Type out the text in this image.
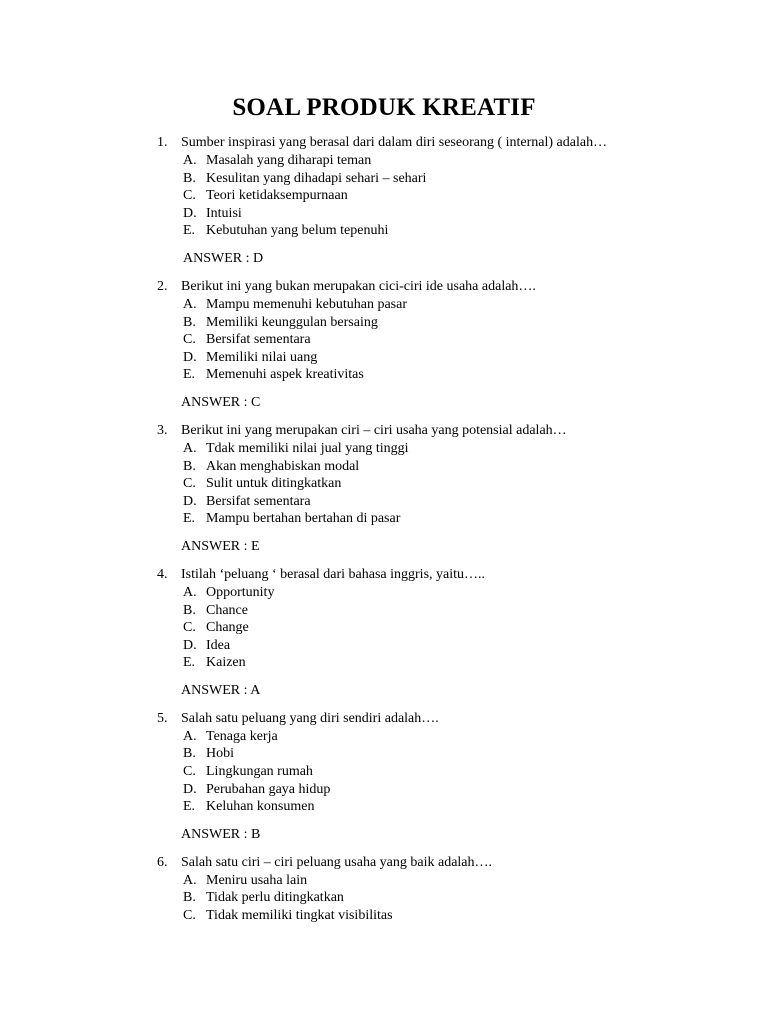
SOAL PRODUK KREATIF
1. Sumber inspirasi yang berasal dari dalam diri seseorang ( internal) adalah…
A. Masalah yang diharapi teman
B. Kesulitan yang dihadapi sehari – sehari
C. Teori ketidaksempurnaan
D. Intuisi
E. Kebutuhan yang belum tepenuhi
ANSWER : D
2. Berikut ini yang bukan merupakan cici-ciri ide usaha adalah….
A. Mampu memenuhi kebutuhan pasar
B. Memiliki keunggulan bersaing
C. Bersifat sementara
D. Memiliki nilai uang
E. Memenuhi aspek kreativitas
ANSWER : C
3. Berikut ini yang merupakan ciri – ciri usaha yang potensial adalah…
A. Tdak memiliki nilai jual yang tinggi
B. Akan menghabiskan modal
C. Sulit untuk ditingkatkan
D. Bersifat sementara
E. Mampu bertahan bertahan di pasar
ANSWER : E
4. Istilah ‘peluang ‘ berasal dari bahasa inggris, yaitu…..
A. Opportunity
B. Chance
C. Change
D. Idea
E. Kaizen
ANSWER : A
5. Salah satu peluang yang diri sendiri adalah….
A. Tenaga kerja
B. Hobi
C. Lingkungan rumah
D. Perubahan gaya hidup
E. Keluhan konsumen
ANSWER : B
6. Salah satu ciri – ciri peluang usaha yang baik adalah….
A. Meniru usaha lain
B. Tidak perlu ditingkatkan
C. Tidak memiliki tingkat visibilitas
